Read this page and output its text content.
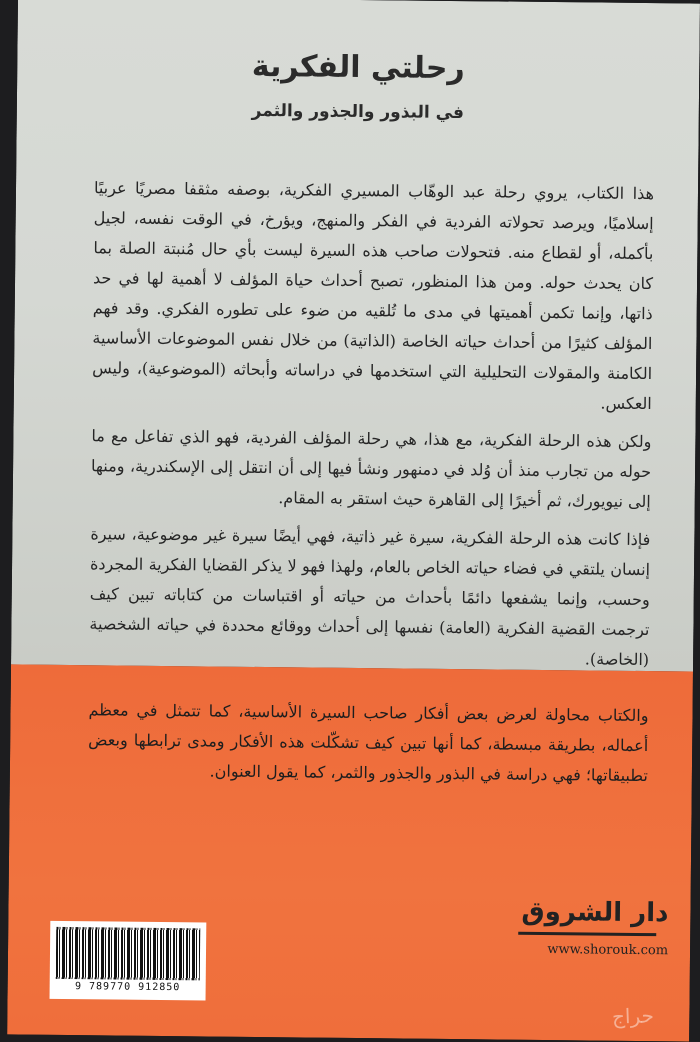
رحلتي الفكرية
في البذور والجذور والثمر

هذا الكتاب، يروي رحلة عبد الوهّاب المسيري الفكرية، بوصفه مثقفا مصريًا عربيًا إسلاميًا، ويرصد تحولاته الفردية في الفكر والمنهج، ويؤرخ، في الوقت نفسه، لجيل بأكمله، أو لقطاع منه. فتحولات صاحب هذه السيرة ليست بأي حال مُنبتة الصلة بما كان يحدث حوله. ومن هذا المنظور، تصبح أحداث حياة المؤلف لا أهمية لها في حد ذاتها، وإنما تكمن أهميتها في مدى ما تُلقيه من ضوء على تطوره الفكري. وقد فهم المؤلف كثيرًا من أحداث حياته الخاصة (الذاتية) من خلال نفس الموضوعات الأساسية الكامنة والمقولات التحليلية التي استخدمها في دراساته وأبحاثه (الموضوعية)، وليس العكس.

ولكن هذه الرحلة الفكرية، مع هذا، هي رحلة المؤلف الفردية، فهو الذي تفاعل مع ما حوله من تجارب منذ أن وُلد في دمنهور ونشأ فيها إلى أن انتقل إلى الإسكندرية، ومنها إلى نيويورك، ثم أخيرًا إلى القاهرة حيث استقر به المقام.

فإذا كانت هذه الرحلة الفكرية، سيرة غير ذاتية، فهي أيضًا سيرة غير موضوعية، سيرة إنسان يلتقي في فضاء حياته الخاص بالعام، ولهذا فهو لا يذكر القضايا الفكرية المجردة وحسب، وإنما يشفعها دائمًا بأحداث من حياته أو اقتباسات من كتاباته تبين كيف ترجمت القضية الفكرية (العامة) نفسها إلى أحداث ووقائع محددة في حياته الشخصية (الخاصة).

والكتاب محاولة لعرض بعض أفكار صاحب السيرة الأساسية، كما تتمثل في معظم أعماله، بطريقة مبسطة، كما أنها تبين كيف تشكّلت هذه الأفكار ومدى ترابطها وبعض تطبيقاتها؛ فهي دراسة في البذور والجذور والثمر، كما يقول العنوان.

دار الشروق
www.shorouk.com
9 789770 912850
حراج
